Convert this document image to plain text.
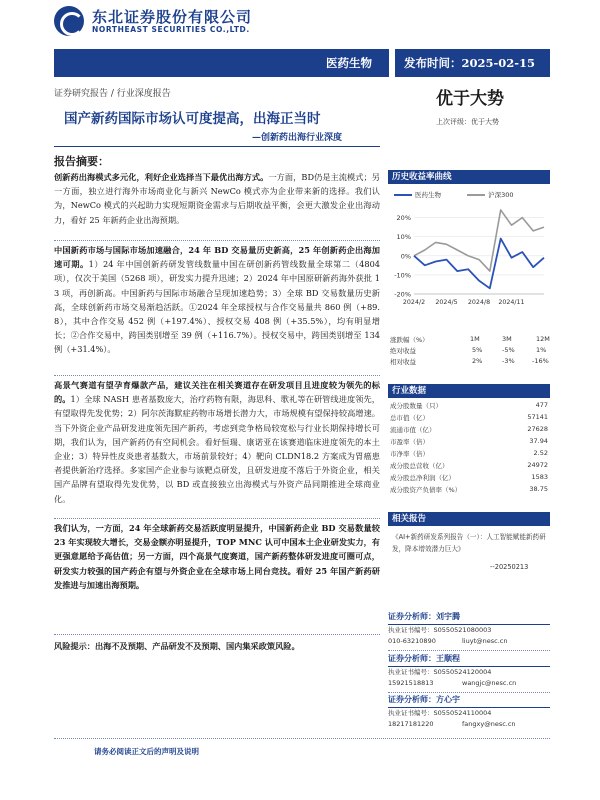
东北证券股份有限公司
NORTHEAST SECURITIES CO.,LTD.
医药生物	发布时间：2025-02-15
证券研究报告 / 行业深度报告	优于大势
上次评级：优于大势
国产新药国际市场认可度提高，出海正当时
—创新药出海行业深度
报告摘要：
创新药出海模式多元化，利好企业选择当下最优出海方式。一方面，BD仍是主流模式；另一方面，独立进行海外市场商业化与新兴 NewCo 模式亦为企业带来新的选择。我们认为，NewCo 模式的兴起助力实现短期资金需求与后期收益平衡，会更大激发企业出海动力，看好 25 年新药企业出海预期。
中国新药市场与国际市场加速融合，24 年 BD 交易量历史新高，25 年创新药企出海加速可期。1）24 年中国创新药研发管线数量中国在研创新药管线数量全球第二（4804 项），仅次于美国（5268 项），研发实力提升迅速；2）2024 年中国原研新药海外获批 13 项，再创新高。中国新药与国际市场融合呈现加速趋势；3）全球 BD 交易数量历史新高，全球创新药市场交易渐趋活跃。①2024 年全球授权与合作交易量共 860 例（+89.8），其中合作交易 452 例（+197.4%）、授权交易 408 例（+35.5%），均有明显增长；②合作交易中，跨国类别增至 39 例（+116.7%）。授权交易中，跨国类别增至 134 例（+31.4%）。
高景气赛道有望孕育爆款产品，建议关注在相关赛道存在研发项目且进度较为领先的标的。1）全球 NASH 患者基数庞大，治疗药物有限，海思科、歌礼等在研管线进度领先，有望取得先发优势；2）阿尔茨海默症药物市场增长潜力大，市场规模有望保持较高增速。当下外资企业产品研发进度领先国产新药，考虑到竞争格局较宽松与行业长期保持增长可期，我们认为，国产新药仍有空间机会。看好恒瑞、康诺亚在该赛道临床进度领先的本土企业；3）特异性皮炎患者基数大，市场前景较好；4）靶向 CLDN18.2 方案成为胃癌患者提供新治疗选择。多家国产企业参与该靶点研发，且研发进度不落后于外资企业，相关国产品牌有望取得先发优势，以 BD 或直接独立出海模式与外资产品同期推进全球商业化。
我们认为，一方面，24 年全球新药交易活跃度明显提升，中国新药企业 BD 交易数量较 23 年实现较大增长，交易金额亦明显提升，TOP MNC 认可中国本土企业研发实力，有更强意愿给予高估值；另一方面，四个高景气度赛道，国产新药整体研发进度可圈可点，研发实力较强的国产药企有望与外资企业在全球市场上同台竞技。看好 25 年国产新药研发推进与加速出海预期。
风险提示：出海不及预期、产品研发不及预期、国内集采政策风险。
请务必阅读正文后的声明及说明
历史收益率曲线
医药生物	沪深300
20%
10%
0%
-10%
-20%
2024/2 2024/5 2024/8 2024/11
涨跌幅（%）	1M	3M	12M
绝对收益	5%	-5%	1%
相对收益	2%	-3%	-16%
行业数据
成分股数量（只）	477
总市值（亿）	57141
流通市值（亿）	27628
市盈率（倍）	37.94
市净率（倍）	2.52
成分股总营收（亿）	24972
成分股总净利润（亿）	1583
成分股资产负债率（%）	38.75
相关报告
《AI+新药研发系列报告（一）：人工智能赋能新药研发，降本增效潜力巨大》
--20250213
证券分析师：刘宇腾
执业证书编号：S0550521080003
010-63210890	liuyt@nesc.cn
证券分析师：王顺程
执业证书编号：S0550524120004
15921518813	wangjc@nesc.cn
证券分析师：方心宇
执业证书编号：S0550524110004
18217181220	fangxy@nesc.cn
